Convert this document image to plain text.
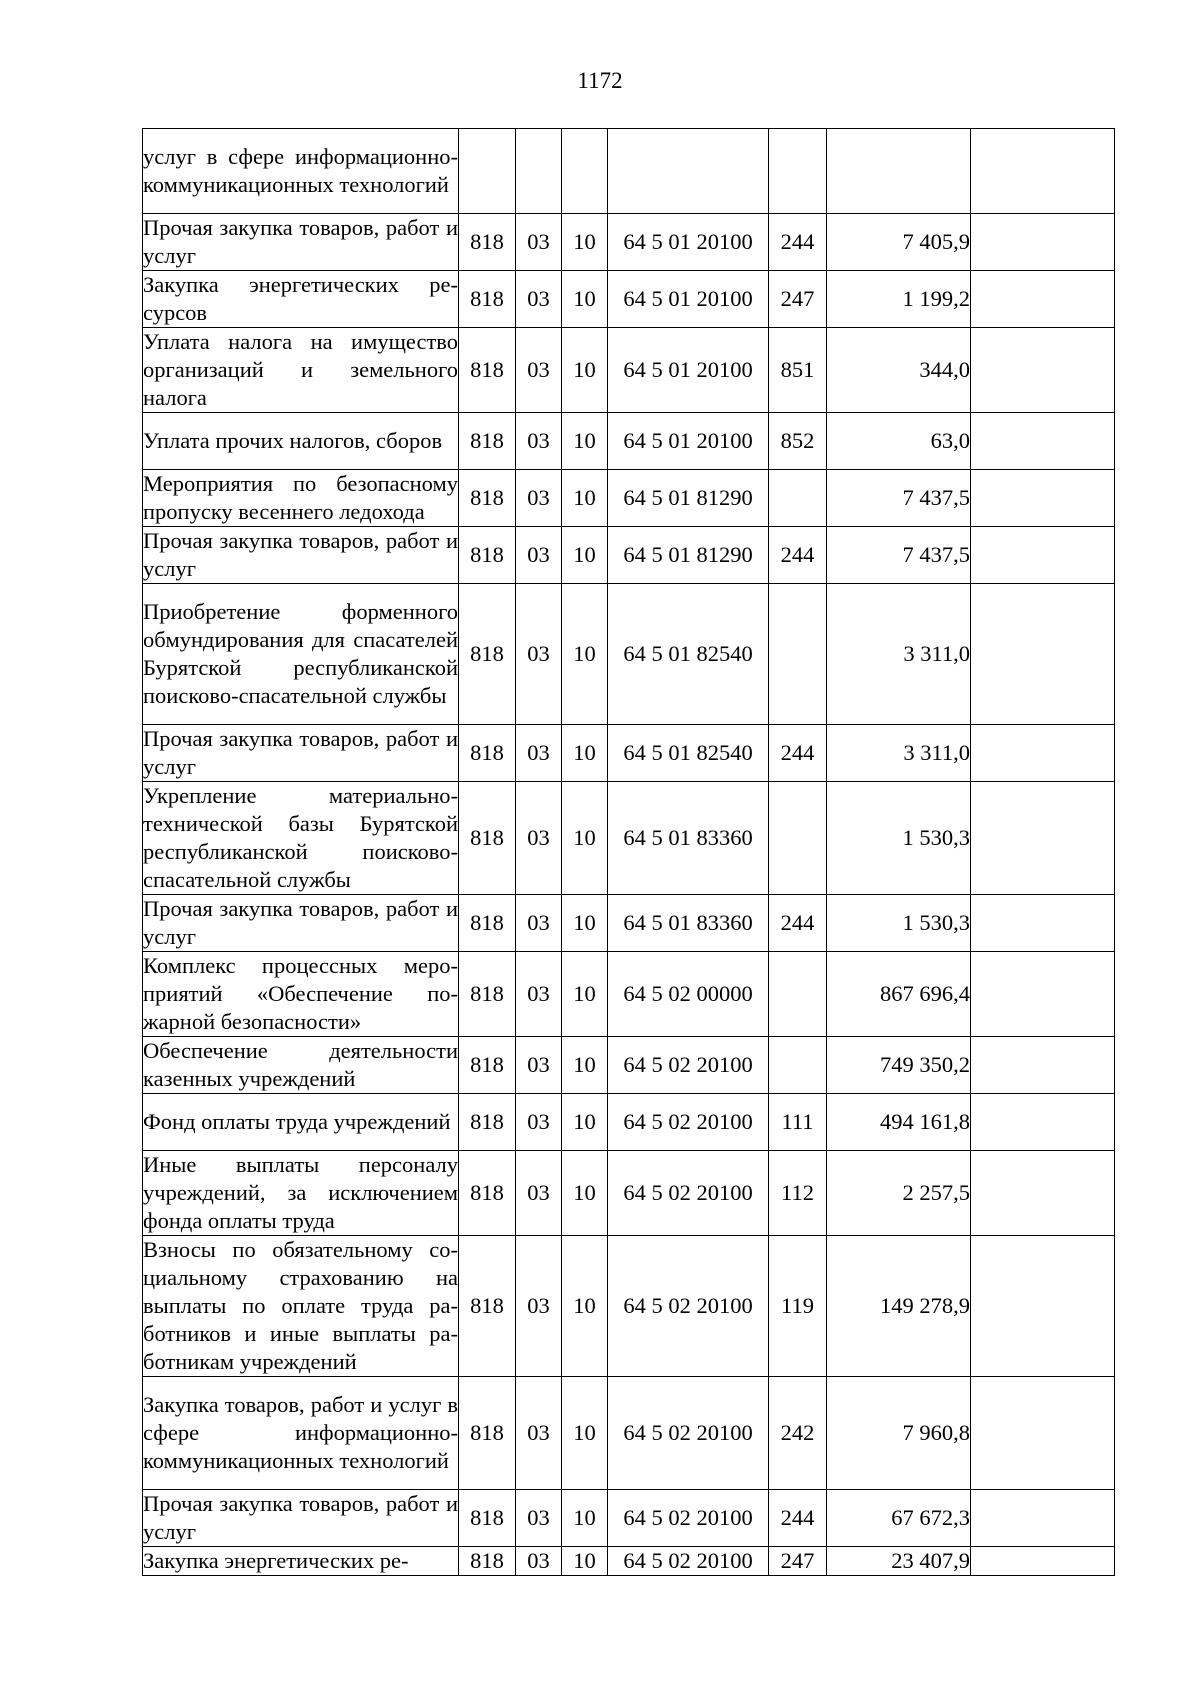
1172
услуг в сфере информационно-коммуникационных технологий							
Прочая закупка товаров, работ и услуг	818	03	10	64 5 01 20100	244	7 405,9	
Закупка энергетических ресурсов	818	03	10	64 5 01 20100	247	1 199,2	
Уплата налога на имущество организаций и земельного налога	818	03	10	64 5 01 20100	851	344,0	
Уплата прочих налогов, сборов	818	03	10	64 5 01 20100	852	63,0	
Мероприятия по безопасному пропуску весеннего ледохода	818	03	10	64 5 01 81290		7 437,5	
Прочая закупка товаров, работ и услуг	818	03	10	64 5 01 81290	244	7 437,5	
Приобретение форменного обмундирования для спасателей Бурятской республиканской поисково-спасательной службы	818	03	10	64 5 01 82540		3 311,0	
Прочая закупка товаров, работ и услуг	818	03	10	64 5 01 82540	244	3 311,0	
Укрепление материально-технической базы Бурятской республиканской поисково-спасательной службы	818	03	10	64 5 01 83360		1 530,3	
Прочая закупка товаров, работ и услуг	818	03	10	64 5 01 83360	244	1 530,3	
Комплекс процессных мероприятий «Обеспечение пожарной безопасности»	818	03	10	64 5 02 00000		867 696,4	
Обеспечение деятельности казенных учреждений	818	03	10	64 5 02 20100		749 350,2	
Фонд оплаты труда учреждений	818	03	10	64 5 02 20100	111	494 161,8	
Иные выплаты персоналу учреждений, за исключением фонда оплаты труда	818	03	10	64 5 02 20100	112	2 257,5	
Взносы по обязательному социальному страхованию на выплаты по оплате труда работников и иные выплаты работникам учреждений	818	03	10	64 5 02 20100	119	149 278,9	
Закупка товаров, работ и услуг в сфере информационно-коммуникационных технологий	818	03	10	64 5 02 20100	242	7 960,8	
Прочая закупка товаров, работ и услуг	818	03	10	64 5 02 20100	244	67 672,3	
Закупка энергетических ре-	818	03	10	64 5 02 20100	247	23 407,9	
